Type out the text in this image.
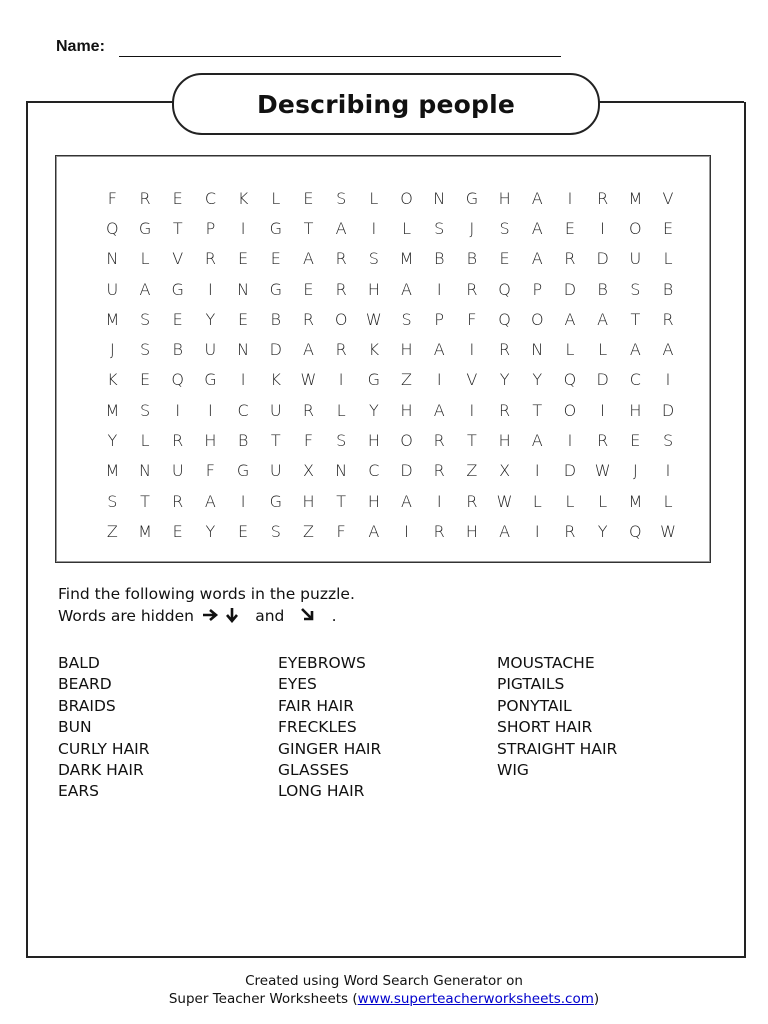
Name:
Describing people
F	R	E	C	K	L	E	S	L	O	N	G	H	A	I	R	M	V
Q	G	T	P	I	G	T	A	I	L	S	J	S	A	E	I	O	E
N	L	V	R	E	E	A	R	S	M	B	B	E	A	R	D	U	L
U	A	G	I	N	G	E	R	H	A	I	R	Q	P	D	B	S	B
M	S	E	Y	E	B	R	O	W	S	P	F	Q	O	A	A	T	R
J	S	B	U	N	D	A	R	K	H	A	I	R	N	L	L	A	A
K	E	Q	G	I	K	W	I	G	Z	I	V	Y	Y	Q	D	C	I
M	S	I	I	C	U	R	L	Y	H	A	I	R	T	O	I	H	D
Y	L	R	H	B	T	F	S	H	O	R	T	H	A	I	R	E	S
M	N	U	F	G	U	X	N	C	D	R	Z	X	I	D	W	J	I
S	T	R	A	I	G	H	T	H	A	I	R	W	L	L	L	M	L
Z	M	E	Y	E	S	Z	F	A	I	R	H	A	I	R	Y	Q	W
Find the following words in the puzzle.
Words are hidden	and	.
BALD
BEARD
BRAIDS
BUN
CURLY HAIR
DARK HAIR
EARS
EYEBROWS
EYES
FAIR HAIR
FRECKLES
GINGER HAIR
GLASSES
LONG HAIR
MOUSTACHE
PIGTAILS
PONYTAIL
SHORT HAIR
STRAIGHT HAIR
WIG
Created using Word Search Generator on
Super Teacher Worksheets (www.superteacherworksheets.com)
